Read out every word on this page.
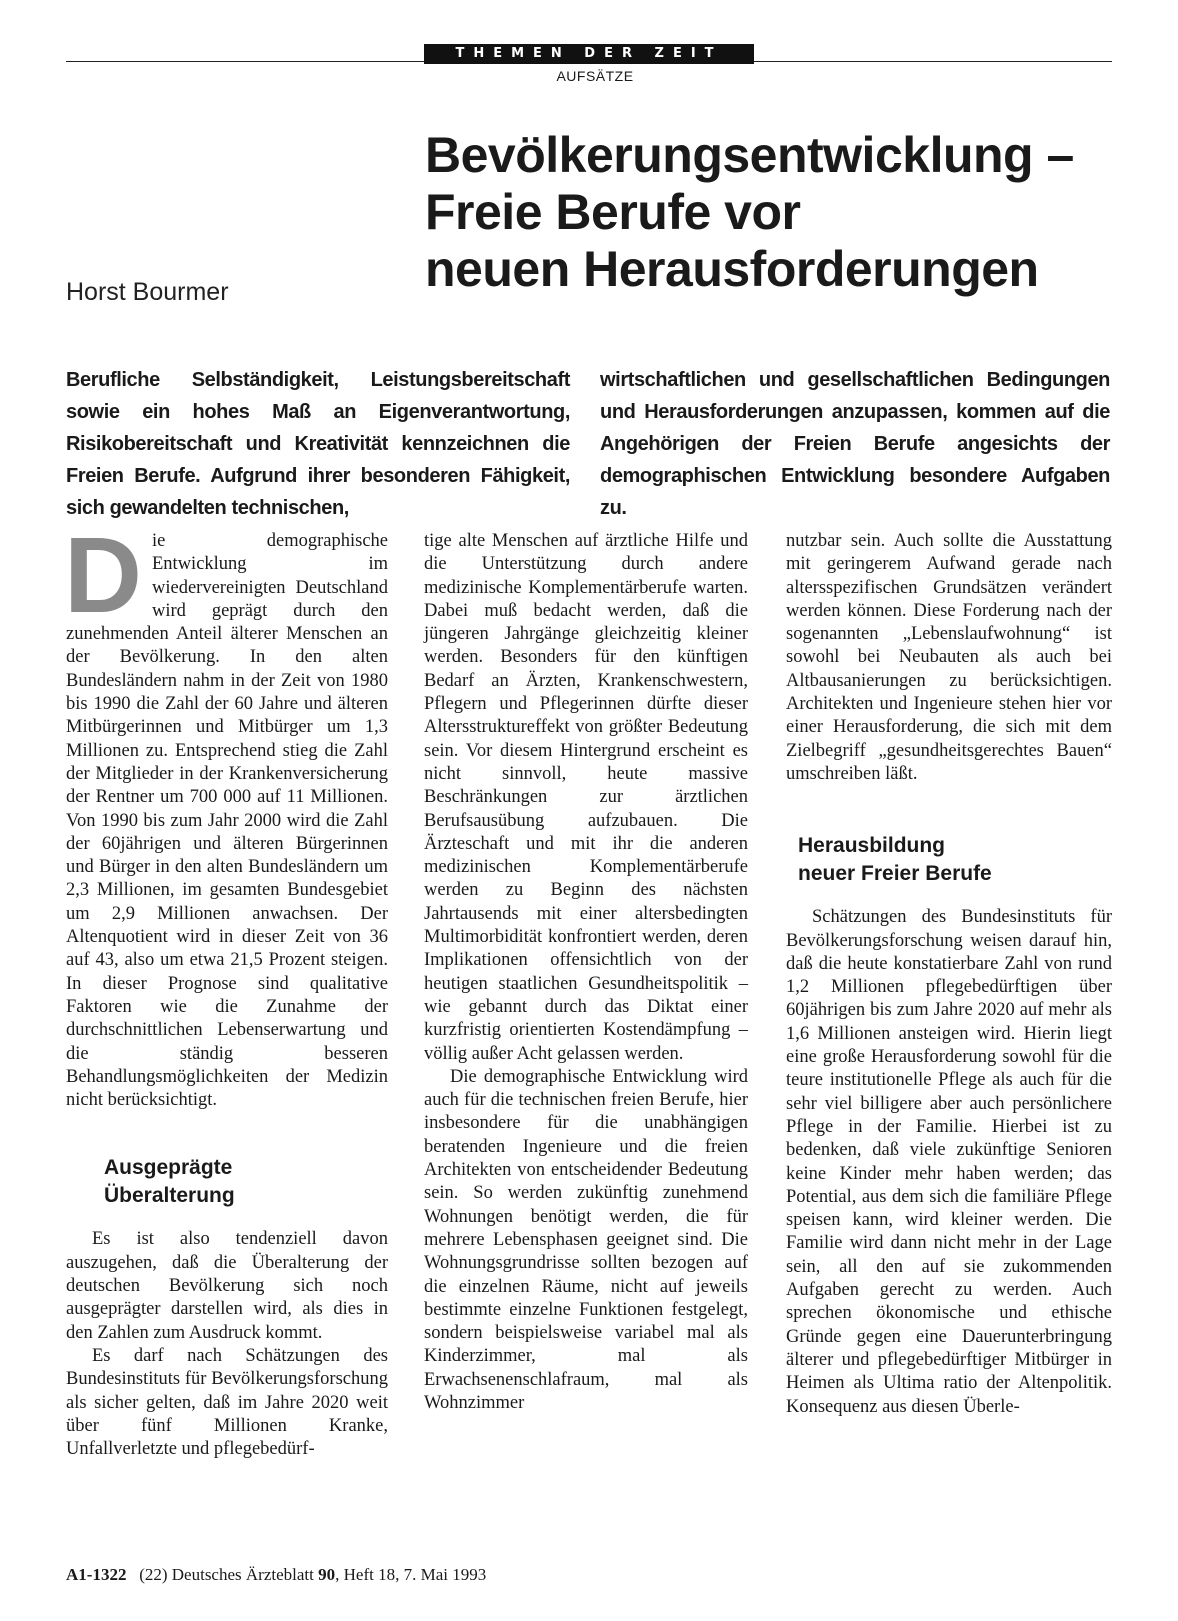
THEMEN DER ZEIT
AUFSÄTZE
Bevölkerungsentwicklung –
Freie Berufe vor
neuen Herausforderungen
Horst Bourmer

Berufliche Selbständigkeit, Leistungsbereitschaft sowie ein hohes Maß an Eigenverantwortung, Risikobereitschaft und Kreativität kennzeichnen die Freien Berufe. Aufgrund ihrer besonderen Fähigkeit, sich gewandelten technischen,

wirtschaftlichen und gesellschaftlichen Bedingungen und Herausforderungen anzupassen, kommen auf die Angehörigen der Freien Berufe angesichts der demographischen Entwicklung besondere Aufgaben zu.

Die demographische Entwicklung im wiedervereinigten Deutschland wird geprägt durch den zunehmenden Anteil älterer Menschen an der Bevölkerung. In den alten Bundesländern nahm in der Zeit von 1980 bis 1990 die Zahl der 60 Jahre und älteren Mitbürgerinnen und Mitbürger um 1,3 Millionen zu. Entsprechend stieg die Zahl der Mitglieder in der Krankenversicherung der Rentner um 700 000 auf 11 Millionen. Von 1990 bis zum Jahr 2000 wird die Zahl der 60jährigen und älteren Bürgerinnen und Bürger in den alten Bundesländern um 2,3 Millionen, im gesamten Bundesgebiet um 2,9 Millionen anwachsen. Der Altenquotient wird in dieser Zeit von 36 auf 43, also um etwa 21,5 Prozent steigen. In dieser Prognose sind qualitative Faktoren wie die Zunahme der durchschnittlichen Lebenserwartung und die ständig besseren Behandlungsmöglichkeiten der Medizin nicht berücksichtigt.

Ausgeprägte
Überalterung

Es ist also tendenziell davon auszugehen, daß die Überalterung der deutschen Bevölkerung sich noch ausgeprägter darstellen wird, als dies in den Zahlen zum Ausdruck kommt.

Es darf nach Schätzungen des Bundesinstituts für Bevölkerungsforschung als sicher gelten, daß im Jahre 2020 weit über fünf Millionen Kranke, Unfallverletzte und pflegebedürf-

tige alte Menschen auf ärztliche Hilfe und die Unterstützung durch andere medizinische Komplementärberufe warten. Dabei muß bedacht werden, daß die jüngeren Jahrgänge gleichzeitig kleiner werden. Besonders für den künftigen Bedarf an Ärzten, Krankenschwestern, Pflegern und Pflegerinnen dürfte dieser Altersstruktureffekt von größter Bedeutung sein. Vor diesem Hintergrund erscheint es nicht sinnvoll, heute massive Beschränkungen zur ärztlichen Berufsausübung aufzubauen. Die Ärzteschaft und mit ihr die anderen medizinischen Komplementärberufe werden zu Beginn des nächsten Jahrtausends mit einer altersbedingten Multimorbidität konfrontiert werden, deren Implikationen offensichtlich von der heutigen staatlichen Gesundheitspolitik – wie gebannt durch das Diktat einer kurzfristig orientierten Kostendämpfung – völlig außer Acht gelassen werden.

Die demographische Entwicklung wird auch für die technischen freien Berufe, hier insbesondere für die unabhängigen beratenden Ingenieure und die freien Architekten von entscheidender Bedeutung sein. So werden zukünftig zunehmend Wohnungen benötigt werden, die für mehrere Lebensphasen geeignet sind. Die Wohnungsgrundrisse sollten bezogen auf die einzelnen Räume, nicht auf jeweils bestimmte einzelne Funktionen festgelegt, sondern beispielsweise variabel mal als Kinderzimmer, mal als Erwachsenenschlafraum, mal als Wohnzimmer

nutzbar sein. Auch sollte die Ausstattung mit geringerem Aufwand gerade nach altersspezifischen Grundsätzen verändert werden können. Diese Forderung nach der sogenannten „Lebenslaufwohnung“ ist sowohl bei Neubauten als auch bei Altbausanierungen zu berücksichtigen. Architekten und Ingenieure stehen hier vor einer Herausforderung, die sich mit dem Zielbegriff „gesundheitsgerechtes Bauen“ umschreiben läßt.

Herausbildung
neuer Freier Berufe

Schätzungen des Bundesinstituts für Bevölkerungsforschung weisen darauf hin, daß die heute konstatierbare Zahl von rund 1,2 Millionen pflegebedürftigen über 60jährigen bis zum Jahre 2020 auf mehr als 1,6 Millionen ansteigen wird. Hierin liegt eine große Herausforderung sowohl für die teure institutionelle Pflege als auch für die sehr viel billigere aber auch persönlichere Pflege in der Familie. Hierbei ist zu bedenken, daß viele zukünftige Senioren keine Kinder mehr haben werden; das Potential, aus dem sich die familiäre Pflege speisen kann, wird kleiner werden. Die Familie wird dann nicht mehr in der Lage sein, all den auf sie zukommenden Aufgaben gerecht zu werden. Auch sprechen ökonomische und ethische Gründe gegen eine Dauerunterbringung älterer und pflegebedürftiger Mitbürger in Heimen als Ultima ratio der Altenpolitik. Konsequenz aus diesen Überle-

A1-1322 (22) Deutsches Ärzteblatt 90, Heft 18, 7. Mai 1993
